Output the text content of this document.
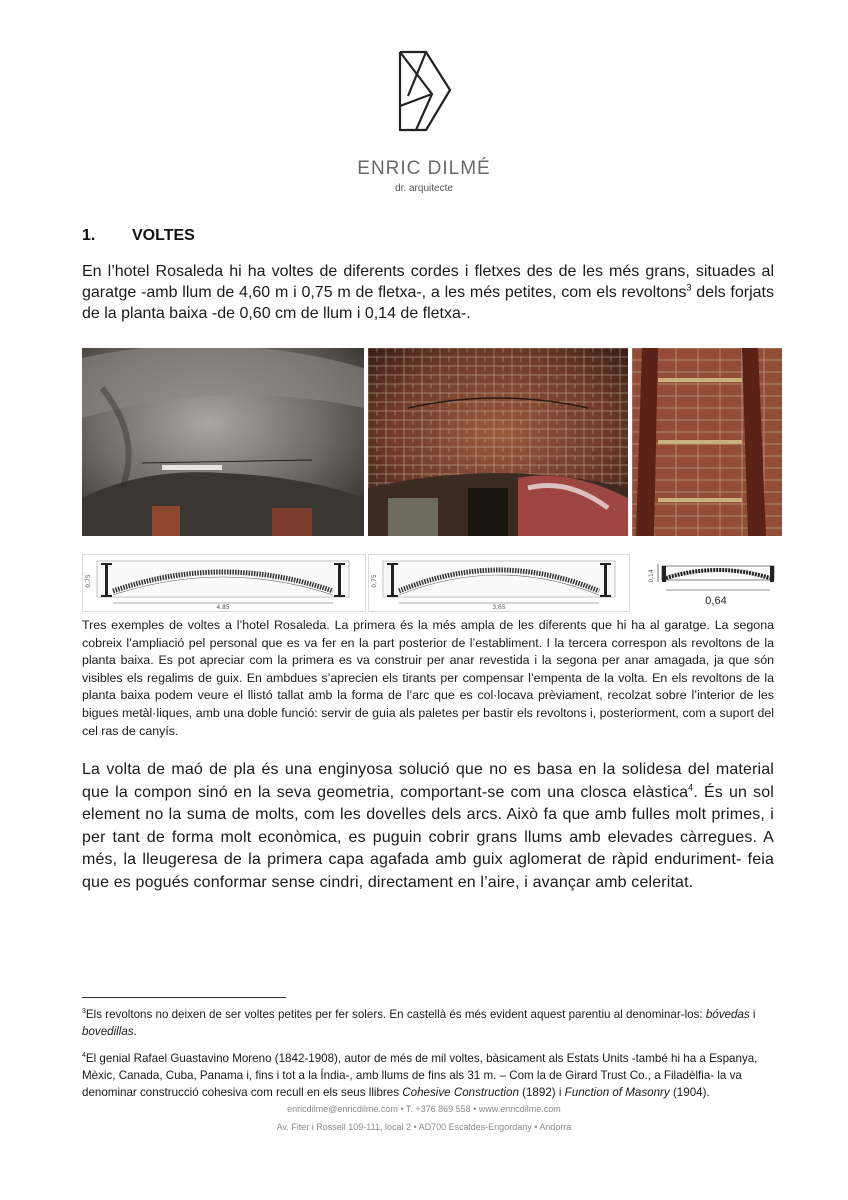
ENRIC DILMÉ
dr. arquitecte
1. VOLTES
En l’hotel Rosaleda hi ha voltes de diferents cordes i fletxes des de les més grans, situades al garatge -amb llum de 4,60 m i 0,75 m de fletxa-, a les més petites, com els revoltons$^3$ dels forjats de la planta baixa -de 0,60 cm de llum i 0,14 de fletxa-.
4,85
0,75
3,65
0,75	0,14
0,64
Tres exemples de voltes a l’hotel Rosaleda. La primera és la més ampla de les diferents que hi ha al garatge. La segona cobreix l’ampliació pel personal que es va fer en la part posterior de l’establiment. I la tercera correspon als revoltons de la planta baixa. Es pot apreciar com la primera es va construir per anar revestida i la segona per anar amagada, ja que són visibles els regalims de guix. En ambdues s’aprecien els tirants per compensar l’empenta de la volta. En els revoltons de la planta baixa podem veure el llistó tallat amb la forma de l’arc que es col·locava prèviament, recolzat sobre l’interior de les bigues metàl·liques, amb una doble funció: servir de guia als paletes per bastir els revoltons i, posteriorment, com a suport del cel ras de canyís.
La volta de maó de pla és una enginyosa solució que no es basa en la solidesa del material que la compon sinó en la seva geometria, comportant-se com una closca elàstica$^4$. És un sol element no la suma de molts, com les dovelles dels arcs. Això fa que amb fulles molt primes, i per tant de forma molt econòmica, es puguin cobrir grans llums amb elevades càrregues. A més, la lleugeresa de la primera capa agafada amb guix aglomerat de ràpid enduriment- feia que es pogués conformar sense cindri, directament en l’aire, i avançar amb celeritat.
$^3$Els revoltons no deixen de ser voltes petites per fer solers. En castellà és més evident aquest parentiu al denominar-los: bóvedas i bovedillas.
$^4$El genial Rafael Guastavino Moreno (1842-1908), autor de més de mil voltes, bàsicament als Estats Units -també hi ha a Espanya, Mèxic, Canada, Cuba, Panama i, fins i tot a la Índia-, amb llums de fins als 31 m. – Com la de Girard Trust Co., a Filadèlfia- la va denominar construcció cohesiva com recull en els seus llibres Cohesive Construction (1892) i Function of Masonry (1904).
enricdilme@enricdilme.com • T. +376 869 558 • www.enricdilme.com
Av. Fiter i Rossell 109-111, local 2 • AD700 Escaldes-Engordany • Andorra
